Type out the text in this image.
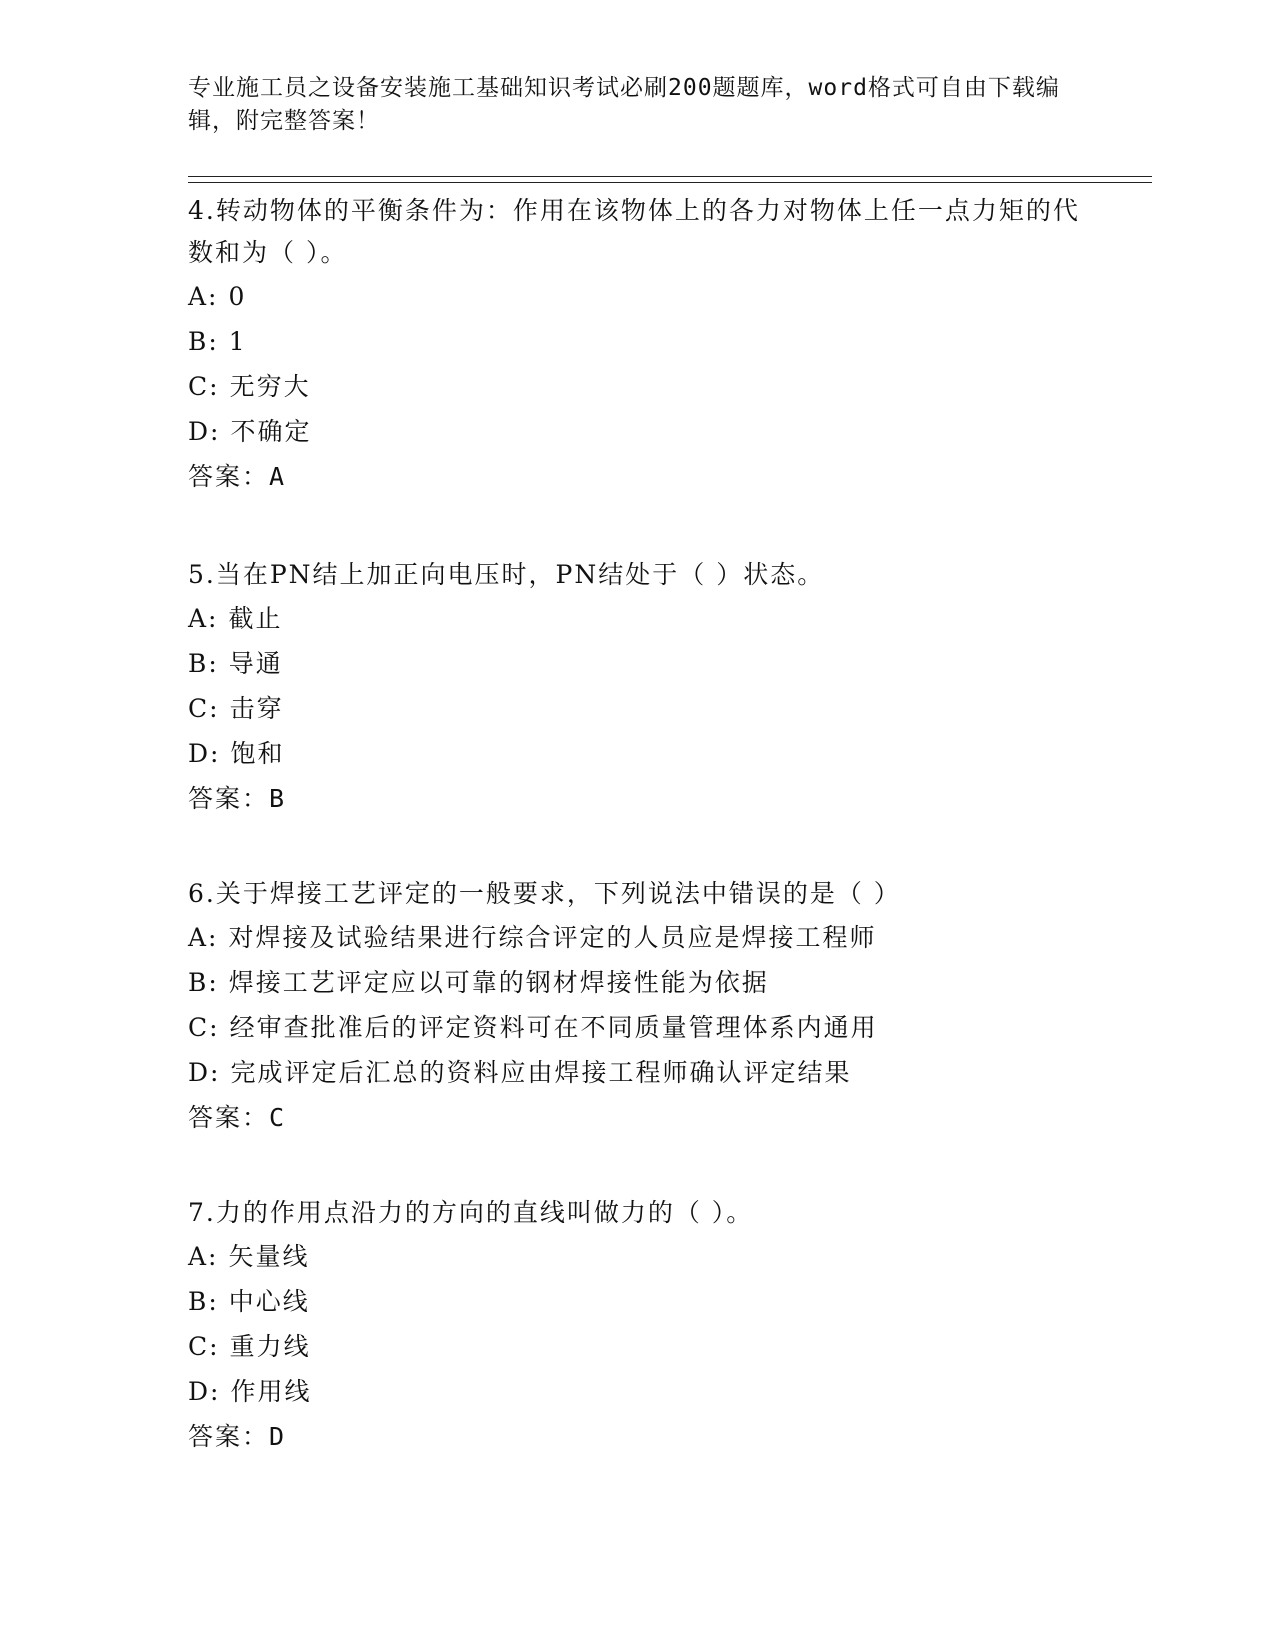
专业施工员之设备安装施工基础知识考试必刷200题题库，word格式可自由下载编辑，附完整答案！

4.转动物体的平衡条件为：作用在该物体上的各力对物体上任一点力矩的代数和为（ ）。

A: 0

B: 1

C: 无穷大

D: 不确定

答案：A

5.当在PN结上加正向电压时，PN结处于（ ）状态。

A: 截止

B: 导通

C: 击穿

D: 饱和

答案：B

6.关于焊接工艺评定的一般要求，下列说法中错误的是（ ）

A: 对焊接及试验结果进行综合评定的人员应是焊接工程师

B: 焊接工艺评定应以可靠的钢材焊接性能为依据

C: 经审查批准后的评定资料可在不同质量管理体系内通用

D: 完成评定后汇总的资料应由焊接工程师确认评定结果

答案：C

7.力的作用点沿力的方向的直线叫做力的（ ）。

A: 矢量线

B: 中心线

C: 重力线

D: 作用线

答案：D
